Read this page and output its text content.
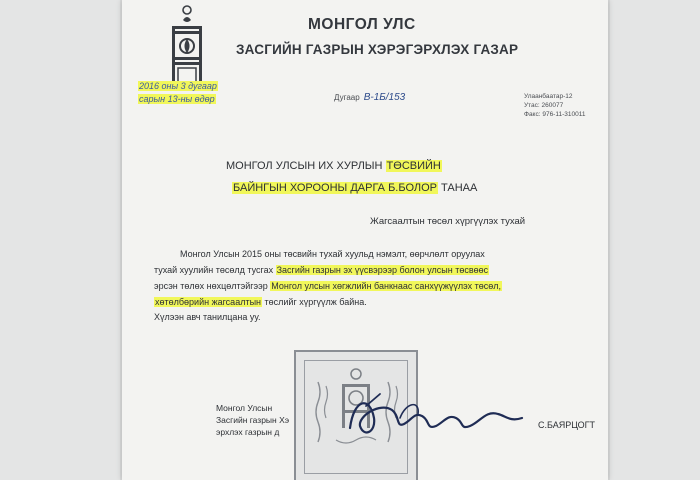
МОНГОЛ УЛС
ЗАСГИЙН ГАЗРЫН ХЭРЭГЭРХЛЭХ ГАЗАР
Улаанбаатар-12
Утас: 260077
Факс: 976-11-310011
2016 оны 3 дугаар
сарын 13-ны өдөр	Дугаар B-1Б/153
МОНГОЛ УЛСЫН ИХ ХУРЛЫН ТӨСВИЙН
БАЙНГЫН ХОРООНЫ ДАРГА Б.БОЛОР ТАНАА
Жагсаалтын төсөл хүргүүлэх тухай
Монгол Улсын 2015 оны төсвийн тухай хуульд нэмэлт, өөрчлөлт оруулах
тухай хуулийн төсөлд тусгах Засгийн газрын эх үүсвэрээр болон улсын төсвөөс
эрсэн төлөх нөхцөлтэйгээр Монгол улсын хөгжлийн банкнаас санхүүжүүлэх төсөл,
хөтөлбөрийн жагсаалтын төслийг хүргүүлж байна.
Хүлээн авч танилцана уу.
Монгол Улсын
Засгийн газрын Хэ
эрхлэх газрын д
С.БАЯРЦОГТ
